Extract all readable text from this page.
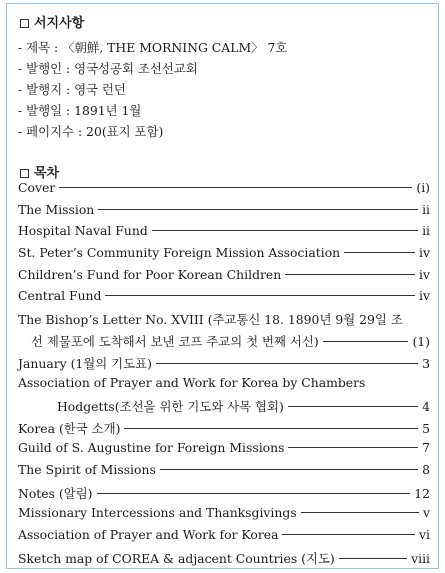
서지사항
- 제목 : 〈朝鮮, THE MORNING CALM〉 7호
- 발행인 : 영국성공회 조선선교회
- 발행지 : 영국 런던
- 발행일 : 1891년 1월
- 페이지수 : 20(표지 포함)
목차
Cover	(i)
The Mission	ii
Hospital Naval Fund	ii
St. Peter’s Community Foreign Mission Association	iv
Children’s Fund for Poor Korean Children	iv
Central Fund	iv
The Bishop’s Letter No. XVIII (주교통신 18. 1890년 9월 29일 조
선 제물포에 도착해서 보낸 코프 주교의 첫 번째 서신)	(1)
January (1월의 기도표)	3
Association of Prayer and Work for Korea by Chambers
Hodgetts(조선을 위한 기도와 사목 협회)	4
Korea (한국 소개)	5
Guild of S. Augustine for Foreign Missions	7
The Spirit of Missions	8
Notes (알림)	12
Missionary Intercessions and Thanksgivings	v
Association of Prayer and Work for Korea	vi
Sketch map of COREA & adjacent Countries (지도)	viii
